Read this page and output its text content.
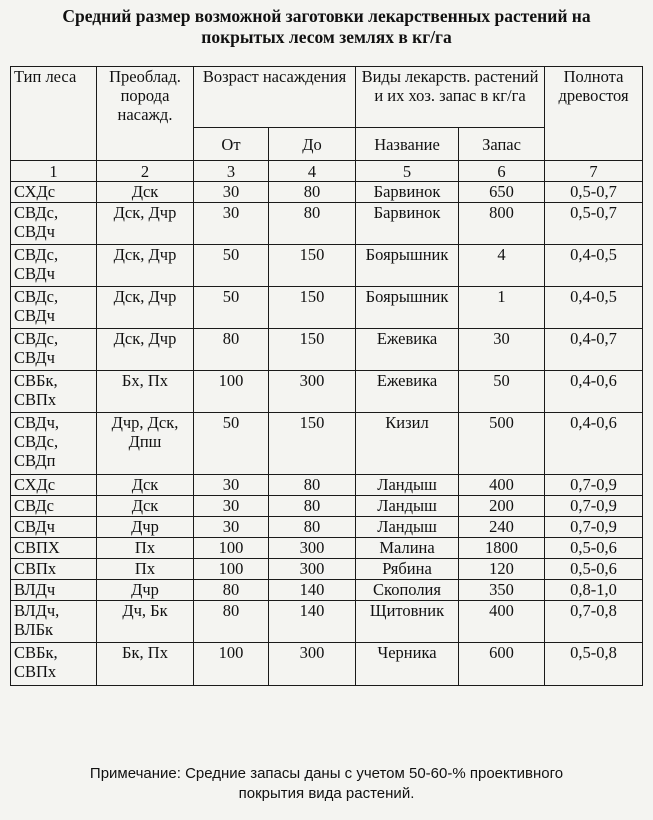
Средний размер возможной заготовки лекарственных растений на
покрытых лесом землях в кг/га
Тип леса	Преоблад. порода насажд.	Возраст насаждения		Виды лекарств. растений и их хоз. запас в кг/га		Полнота древостоя
		От	До	Название	Запас	
1	2	3	4	5	6	7
СХДс	Дск	30	80	Барвинок	650	0,5-0,7
СВДс, СВДч	Дск, Дчр	30	80	Барвинок	800	0,5-0,7
СВДс, СВДч	Дск, Дчр	50	150	Боярышник	4	0,4-0,5
СВДс, СВДч	Дск, Дчр	50	150	Боярышник	1	0,4-0,5
СВДс, СВДч	Дск, Дчр	80	150	Ежевика	30	0,4-0,7
СВБк, СВПх	Бх, Пх	100	300	Ежевика	50	0,4-0,6
СВДч, СВДс, СВДп	Дчр, Дск, Дпш	50	150	Кизил	500	0,4-0,6
СХДс	Дск	30	80	Ландыш	400	0,7-0,9
СВДс	Дск	30	80	Ландыш	200	0,7-0,9
СВДч	Дчр	30	80	Ландыш	240	0,7-0,9
СВПХ	Пх	100	300	Малина	1800	0,5-0,6
СВПх	Пх	100	300	Рябина	120	0,5-0,6
ВЛДч	Дчр	80	140	Скополия	350	0,8-1,0
ВЛДч, ВЛБк	Дч, Бк	80	140	Щитовник	400	0,7-0,8
СВБк, СВПх	Бк, Пх	100	300	Черника	600	0,5-0,8
Примечание: Средние запасы даны с учетом 50-60-% проективного
покрытия вида растений.
